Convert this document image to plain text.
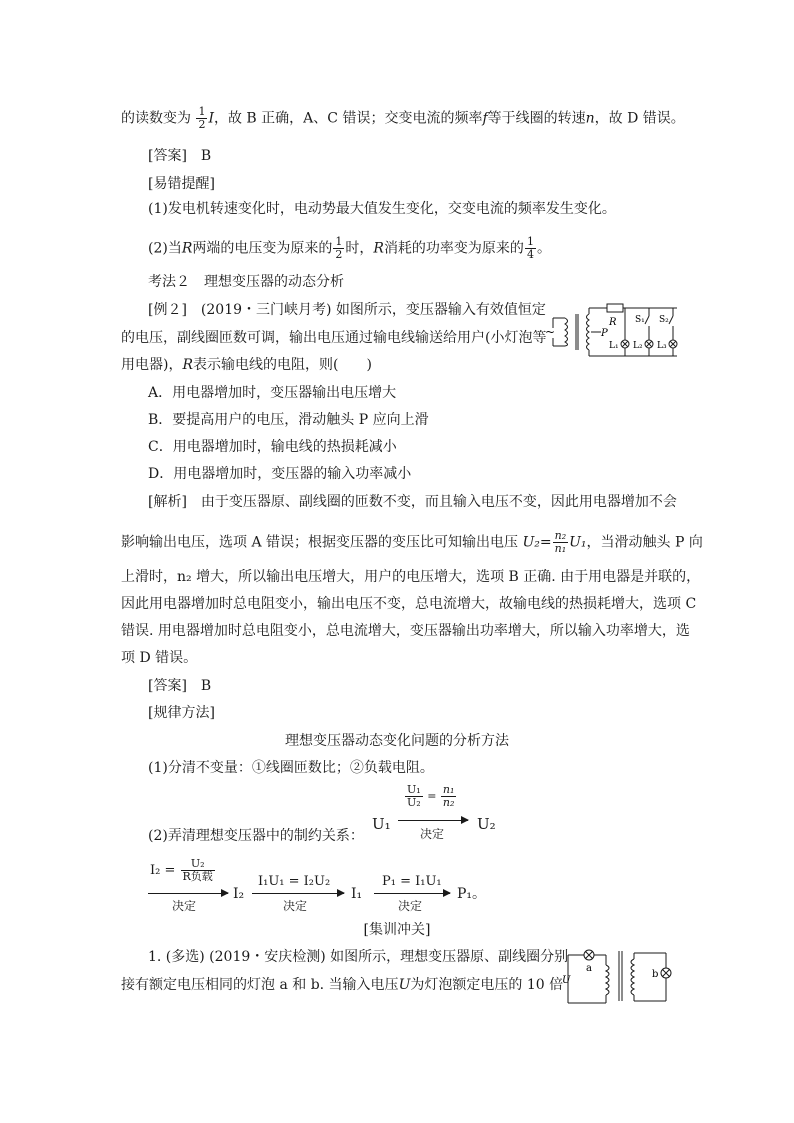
的读数变为 $\frac{1}{2}$ I，故 B 正确，A、C 错误；交变电流的频率f等于线圈的转速n，故 D 错误。
[答案]　B
[易错提醒]
(1)发电机转速变化时，电动势最大值发生变化，交变电流的频率发生变化。
(2)当R两端的电压变为原来的 $\frac{1}{2}$ 时，R消耗的功率变为原来的 $\frac{1}{4}$ 。
考法２　理想变压器的动态分析
[例２]　(2019・三门峡月考) 如图所示，变压器输入有效值恒定
的电压，副线圈匝数可调，输出电压通过输电线输送给用户(小灯泡等
用电器)，R表示输电线的电阻，则(　　)
~
R
P
S₁ S₂
L₁ L₂ L₃
A．用电器增加时，变压器输出电压增大
B．要提高用户的电压，滑动触头 P 应向上滑
C．用电器增加时，输电线的热损耗减小
D．用电器增加时，变压器的输入功率减小
[解析]　由于变压器原、副线圈的匝数不变，而且输入电压不变，因此用电器增加不会
影响输出电压，选项 A 错误；根据变压器的变压比可知输出电压 $U_2= \frac{\text{n₂}}{\text{n₁}} U_1$，当滑动触头 P 向
上滑时，n₂ 增大，所以输出电压增大，用户的电压增大，选项 B 正确. 由于用电器是并联的，
因此用电器增加时总电阻变小，输出电压不变，总电流增大，故输电线的热损耗增大，选项 C
错误. 用电器增加时总电阻变小，总电流增大，变压器输出功率增大，所以输入功率增大，选
项 D 错误。
[答案]　B
[规律方法]
理想变压器动态变化问题的分析方法
(1)分清不变量：①线圈匝数比；②负载电阻。
(2)弄清理想变压器中的制约关系：
U₁
$\frac{\text{U₁}}{\text{U₂}} = \frac{\text{n₁}}{\text{n₂}}$
决定
U₂
$I_2 = \frac{\text{U₂}}{\text{R负载}}$
决定
I₂
I₁U₁ = I₂U₂
决定
I₁
P₁ = I₁U₁
决定
P₁。
[集训冲关]
1. (多选) (2019・安庆检测) 如图所示，理想变压器原、副线圈分别
接有额定电压相同的灯泡 a 和 b. 当输入电压U为灯泡额定电压的 10 倍
a
b
U
